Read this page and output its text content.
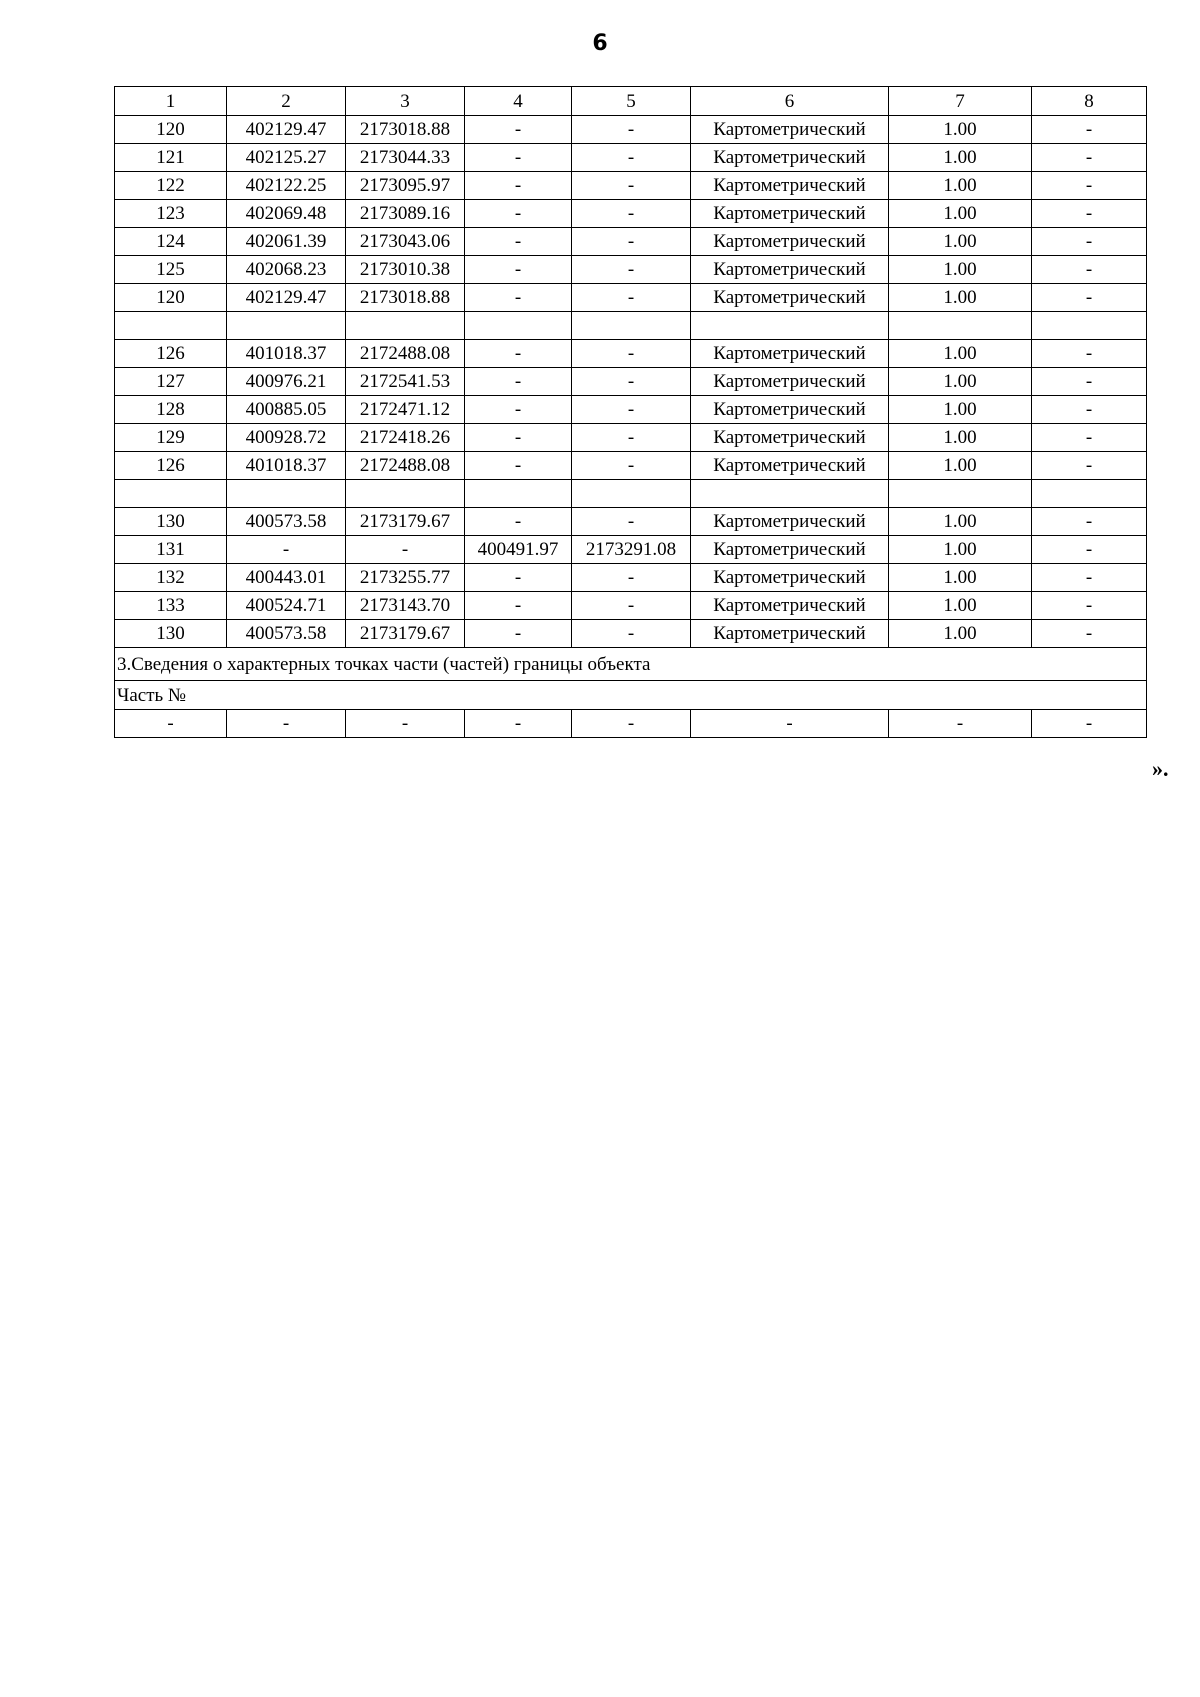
6
1	2	3	4	5	6	7	8
120	402129.47	2173018.88	-	-	Картометрический	1.00	-
121	402125.27	2173044.33	-	-	Картометрический	1.00	-
122	402122.25	2173095.97	-	-	Картометрический	1.00	-
123	402069.48	2173089.16	-	-	Картометрический	1.00	-
124	402061.39	2173043.06	-	-	Картометрический	1.00	-
125	402068.23	2173010.38	-	-	Картометрический	1.00	-
120	402129.47	2173018.88	-	-	Картометрический	1.00	-

126	401018.37	2172488.08	-	-	Картометрический	1.00	-
127	400976.21	2172541.53	-	-	Картометрический	1.00	-
128	400885.05	2172471.12	-	-	Картометрический	1.00	-
129	400928.72	2172418.26	-	-	Картометрический	1.00	-
126	401018.37	2172488.08	-	-	Картометрический	1.00	-

130	400573.58	2173179.67	-	-	Картометрический	1.00	-
131	-	-	400491.97	2173291.08	Картометрический	1.00	-
132	400443.01	2173255.77	-	-	Картометрический	1.00	-
133	400524.71	2173143.70	-	-	Картометрический	1.00	-
130	400573.58	2173179.67	-	-	Картометрический	1.00	-
3.Сведения о характерных точках части (частей) границы объекта							
Часть №							
-	-	-	-	-	-	-	-
».
